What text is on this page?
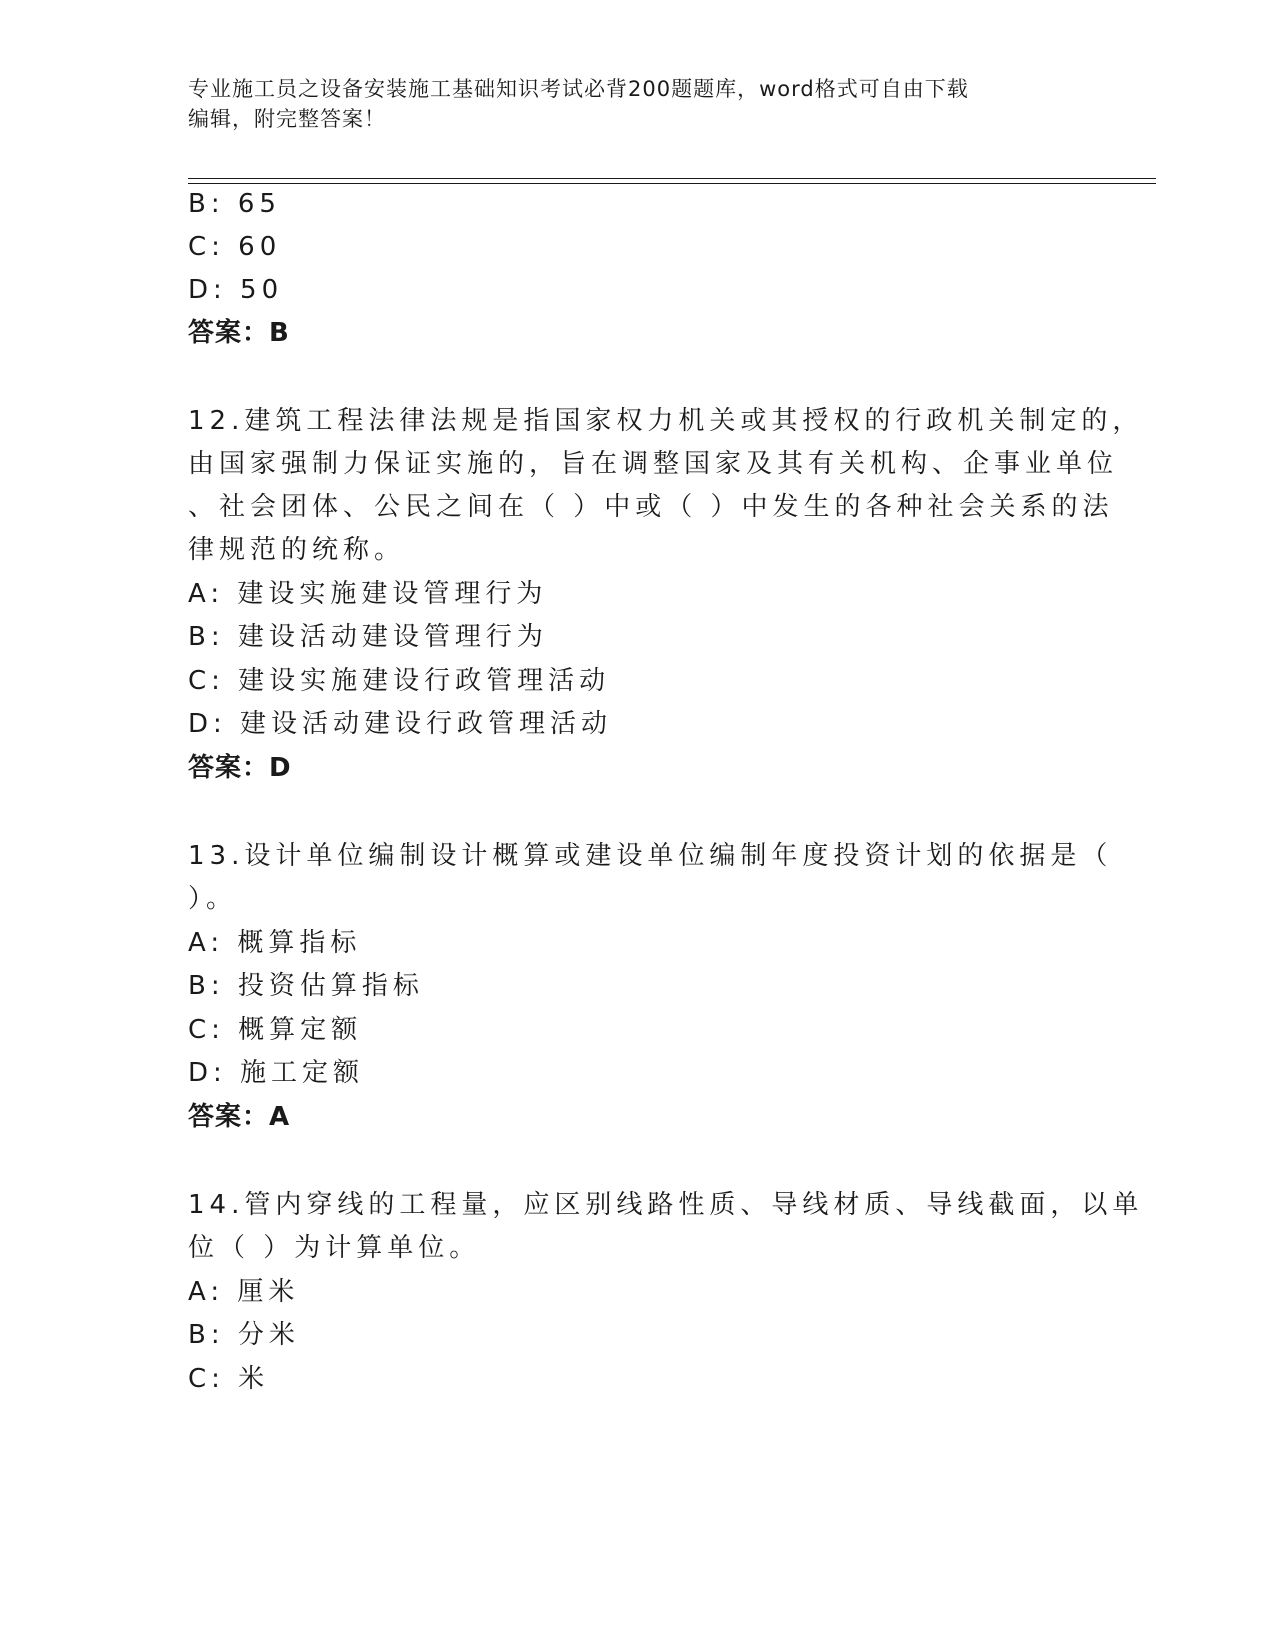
专业施工员之设备安装施工基础知识考试必背200题题库，word格式可自由下载
编辑，附完整答案！
B: 65
C: 60
D: 50
答案：B
12.建筑工程法律法规是指国家权力机关或其授权的行政机关制定的，
由国家强制力保证实施的，旨在调整国家及其有关机构、企事业单位
、社会团体、公民之间在（ ）中或（ ）中发生的各种社会关系的法
律规范的统称。
A: 建设实施建设管理行为
B: 建设活动建设管理行为
C: 建设实施建设行政管理活动
D: 建设活动建设行政管理活动
答案：D
13.设计单位编制设计概算或建设单位编制年度投资计划的依据是（
）。
A: 概算指标
B: 投资估算指标
C: 概算定额
D: 施工定额
答案：A
14.管内穿线的工程量，应区别线路性质、导线材质、导线截面，以单
位（ ）为计算单位。
A: 厘米
B: 分米
C: 米
